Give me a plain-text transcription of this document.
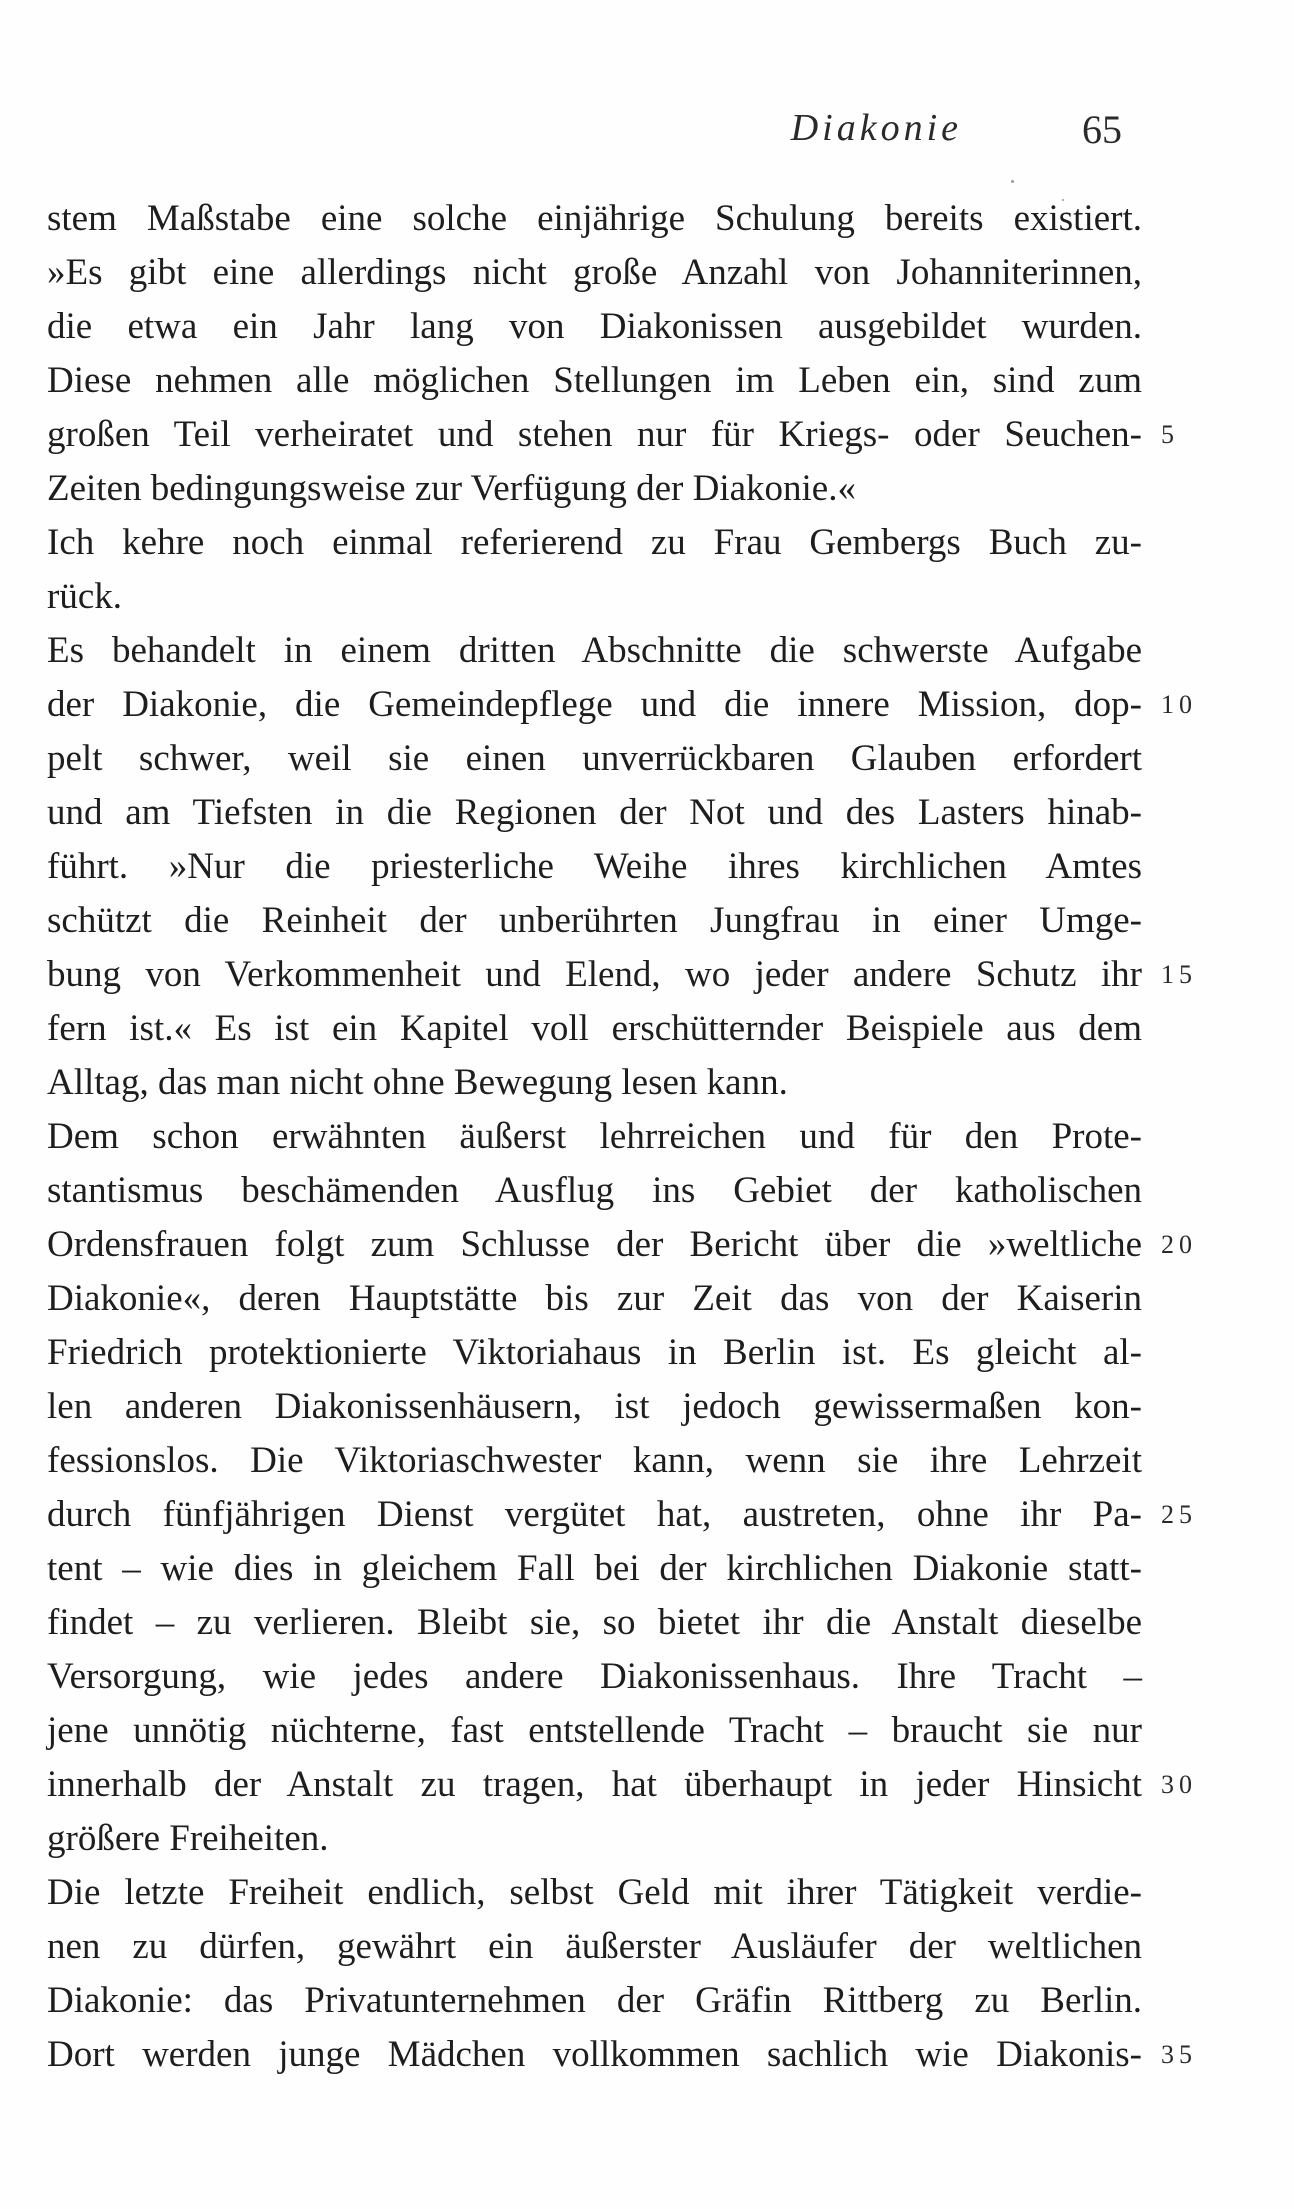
Diakonie	65
stem Maßstabe eine solche einjährige Schulung bereits existiert.
»Es gibt eine allerdings nicht große Anzahl von Johanniterinnen,
die etwa ein Jahr lang von Diakonissen ausgebildet wurden.
Diese nehmen alle möglichen Stellungen im Leben ein, sind zum
großen Teil verheiratet und stehen nur für Kriegs- oder Seuchen-
Zeiten bedingungsweise zur Verfügung der Diakonie.«
Ich kehre noch einmal referierend zu Frau Gembergs Buch zu-
rück.
Es behandelt in einem dritten Abschnitte die schwerste Aufgabe
der Diakonie, die Gemeindepflege und die innere Mission, dop-
pelt schwer, weil sie einen unverrückbaren Glauben erfordert
und am Tiefsten in die Regionen der Not und des Lasters hinab-
führt. »Nur die priesterliche Weihe ihres kirchlichen Amtes
schützt die Reinheit der unberührten Jungfrau in einer Umge-
bung von Verkommenheit und Elend, wo jeder andere Schutz ihr
fern ist.« Es ist ein Kapitel voll erschütternder Beispiele aus dem
Alltag, das man nicht ohne Bewegung lesen kann.
Dem schon erwähnten äußerst lehrreichen und für den Prote-
stantismus beschämenden Ausflug ins Gebiet der katholischen
Ordensfrauen folgt zum Schlusse der Bericht über die »weltliche
Diakonie«, deren Hauptstätte bis zur Zeit das von der Kaiserin
Friedrich protektionierte Viktoriahaus in Berlin ist. Es gleicht al-
len anderen Diakonissenhäusern, ist jedoch gewissermaßen kon-
fessionslos. Die Viktoriaschwester kann, wenn sie ihre Lehrzeit
durch fünfjährigen Dienst vergütet hat, austreten, ohne ihr Pa-
tent – wie dies in gleichem Fall bei der kirchlichen Diakonie statt-
findet – zu verlieren. Bleibt sie, so bietet ihr die Anstalt dieselbe
Versorgung, wie jedes andere Diakonissenhaus. Ihre Tracht –
jene unnötig nüchterne, fast entstellende Tracht – braucht sie nur
innerhalb der Anstalt zu tragen, hat überhaupt in jeder Hinsicht
größere Freiheiten.
Die letzte Freiheit endlich, selbst Geld mit ihrer Tätigkeit verdie-
nen zu dürfen, gewährt ein äußerster Ausläufer der weltlichen
Diakonie: das Privatunternehmen der Gräfin Rittberg zu Berlin.
Dort werden junge Mädchen vollkommen sachlich wie Diakonis-
5
10
15
20
25
30
35
